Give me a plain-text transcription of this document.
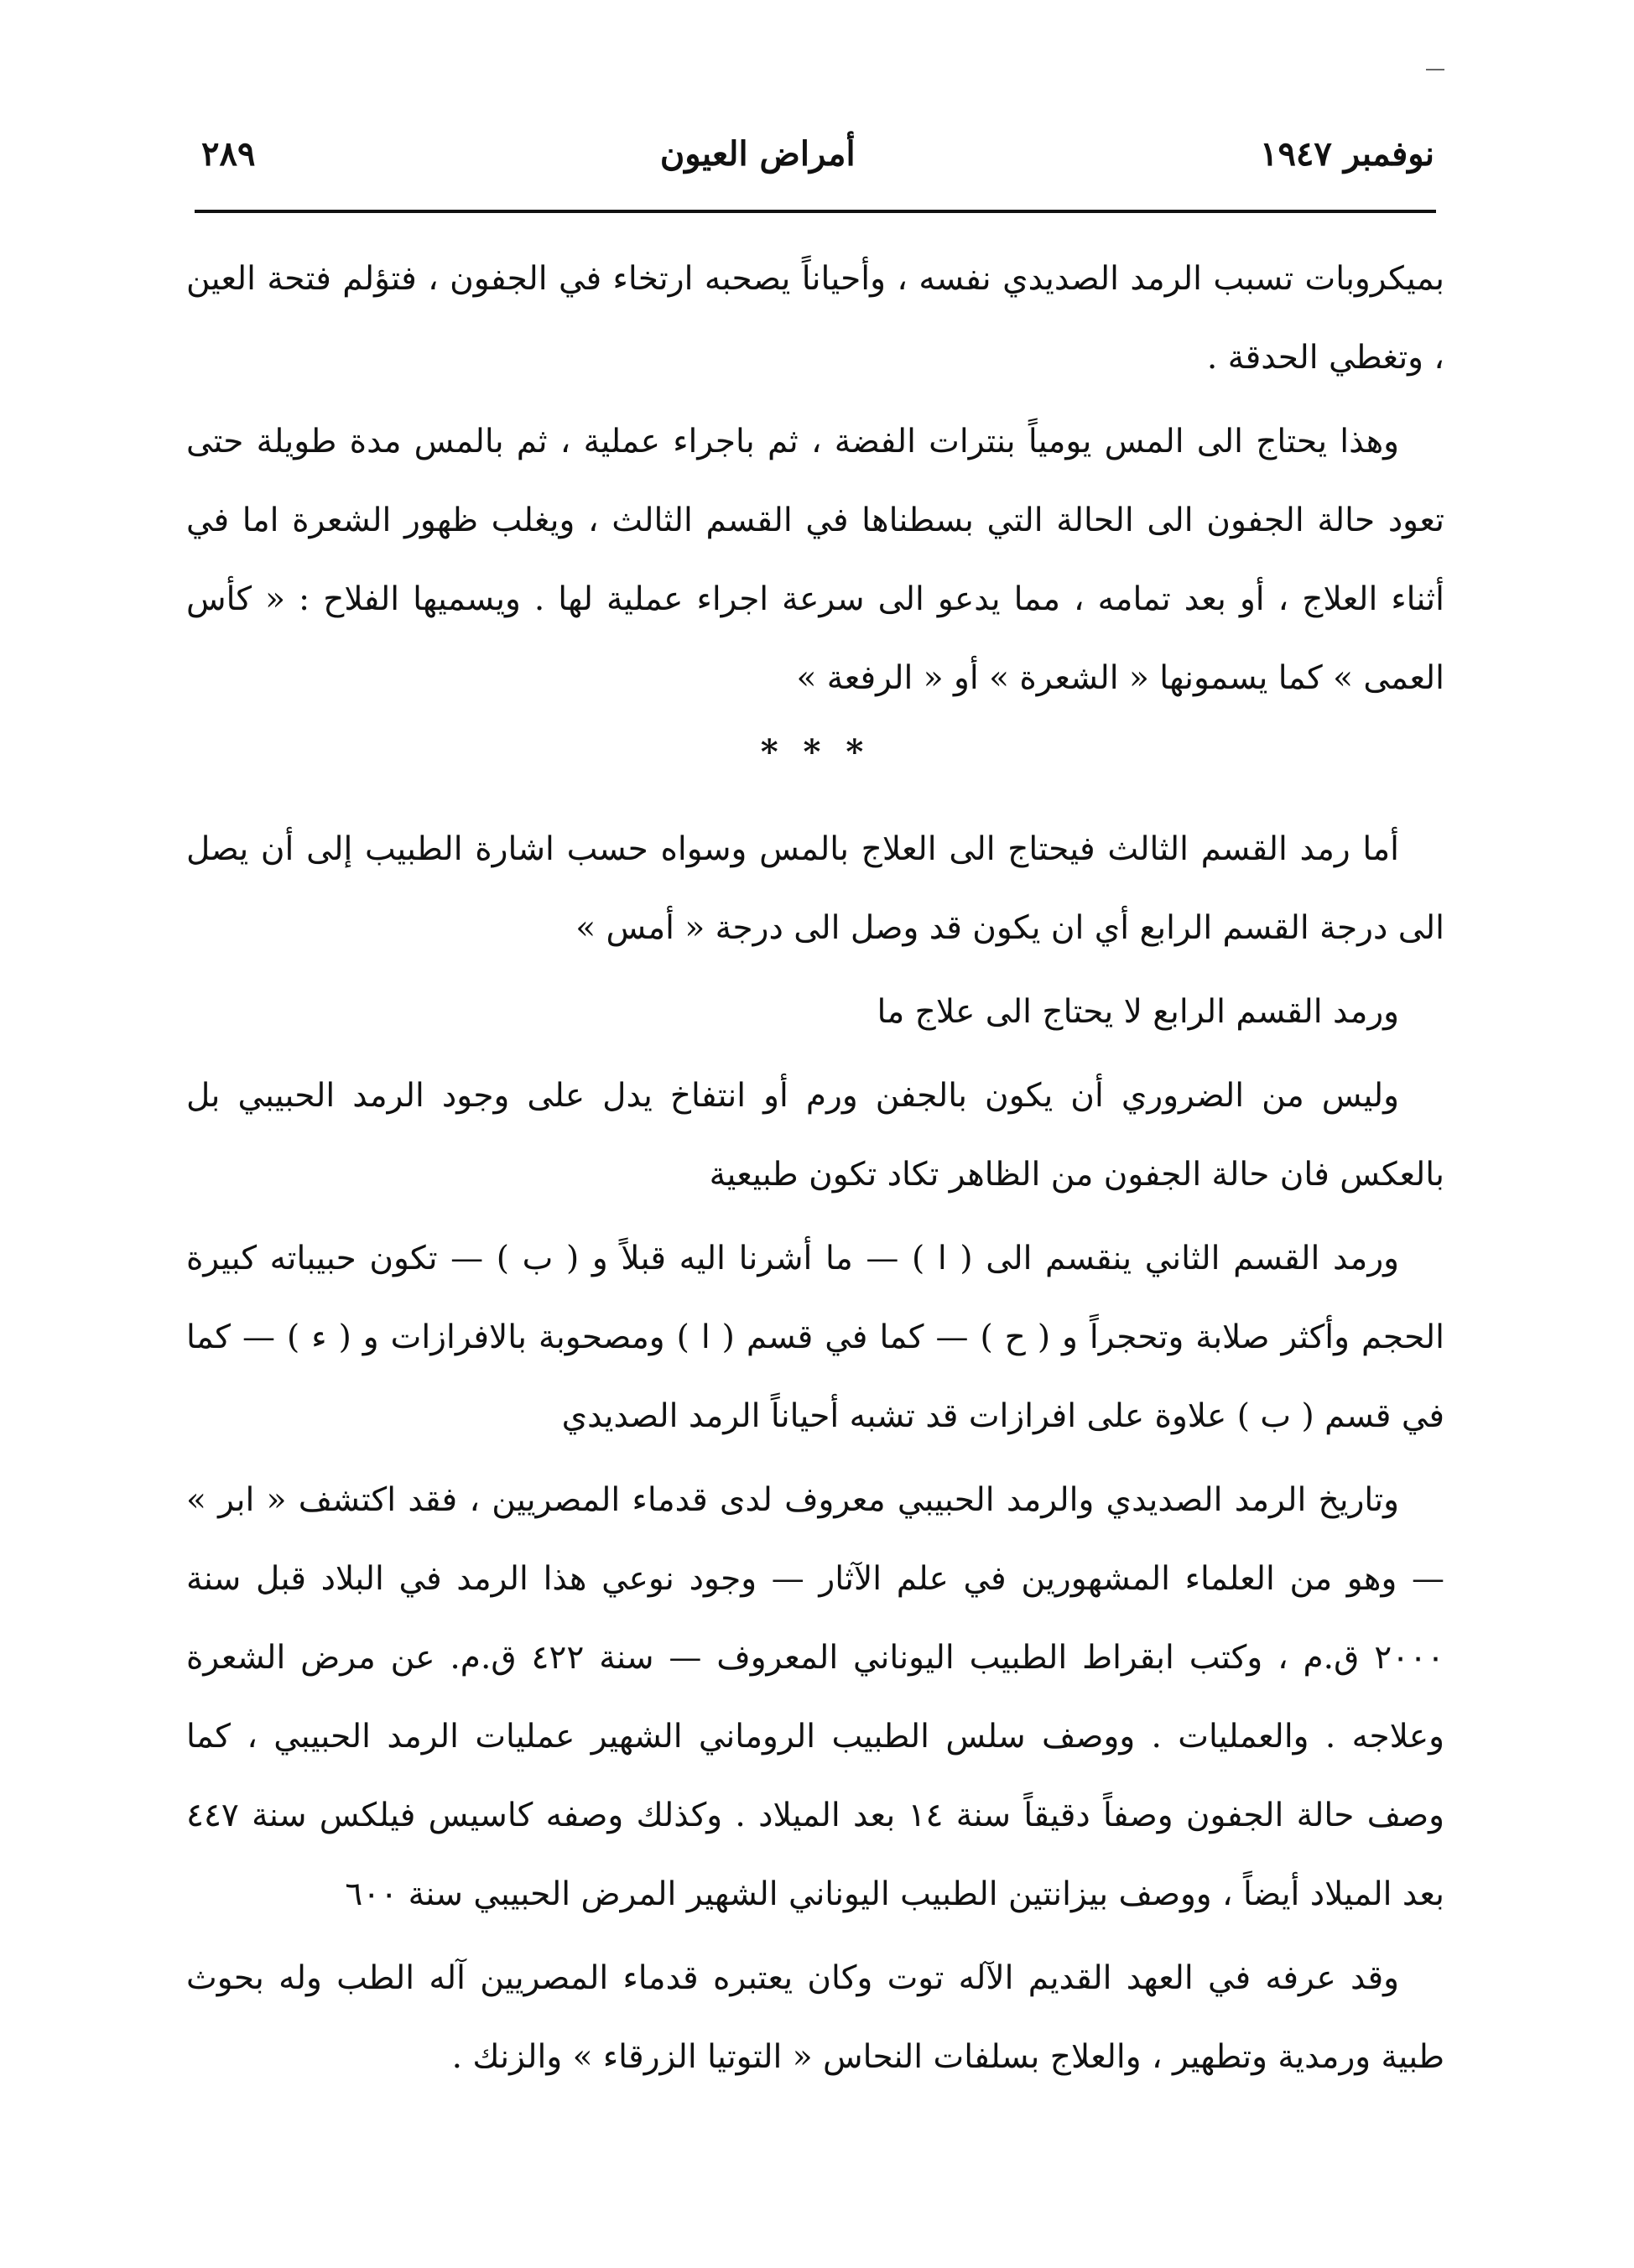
نوفمبر ١٩٤٧
أمراض العيون
٢٨٩

بميكروبات تسبب الرمد الصديدي نفسه ، وأحياناً يصحبه ارتخاء في الجفون ، فتؤلم فتحة العين ، وتغطي الحدقة .

وهذا يحتاج الى المس يومياً بنترات الفضة ، ثم باجراء عملية ، ثم بالمس مدة طويلة حتى تعود حالة الجفون الى الحالة التي بسطناها في القسم الثالث ، ويغلب ظهور الشعرة اما في أثناء العلاج ، أو بعد تمامه ، مما يدعو الى سرعة اجراء عملية لها . ويسميها الفلاح : « كأس العمى » كما يسمونها « الشعرة » أو « الرفعة »

* * *

أما رمد القسم الثالث فيحتاج الى العلاج بالمس وسواه حسب اشارة الطبيب إلى أن يصل الى درجة القسم الرابع أي ان يكون قد وصل الى درجة « أمس »

ورمد القسم الرابع لا يحتاج الى علاج ما

وليس من الضروري أن يكون بالجفن ورم أو انتفاخ يدل على وجود الرمد الحبيبي بل بالعكس فان حالة الجفون من الظاهر تكاد تكون طبيعية

ورمد القسم الثاني ينقسم الى ( ا ) — ما أشرنا اليه قبلاً و ( ب ) — تكون حبيباته كبيرة الحجم وأكثر صلابة وتحجراً و ( ح ) — كما في قسم ( ا ) ومصحوبة بالافرازات و ( ء ) — كما في قسم ( ب ) علاوة على افرازات قد تشبه أحياناً الرمد الصديدي

وتاريخ الرمد الصديدي والرمد الحبيبي معروف لدى قدماء المصريين ، فقد اكتشف « ابر » — وهو من العلماء المشهورين في علم الآثار — وجود نوعي هذا الرمد في البلاد قبل سنة ٢٠٠٠ ق.م ، وكتب ابقراط الطبيب اليوناني المعروف — سنة ٤٢٢ ق.م. عن مرض الشعرة وعلاجه . والعمليات . ووصف سلس الطبيب الروماني الشهير عمليات الرمد الحبيبي ، كما وصف حالة الجفون وصفاً دقيقاً سنة ١٤ بعد الميلاد . وكذلك وصفه كاسيس فيلكس سنة ٤٤٧ بعد الميلاد أيضاً ، ووصف بيزانتين الطبيب اليوناني الشهير المرض الحبيبي سنة ٦٠٠

وقد عرفه في العهد القديم الآله توت وكان يعتبره قدماء المصريين آله الطب وله بحوث طبية ورمدية وتطهير ، والعلاج بسلفات النحاس « التوتيا الزرقاء » والزنك .
